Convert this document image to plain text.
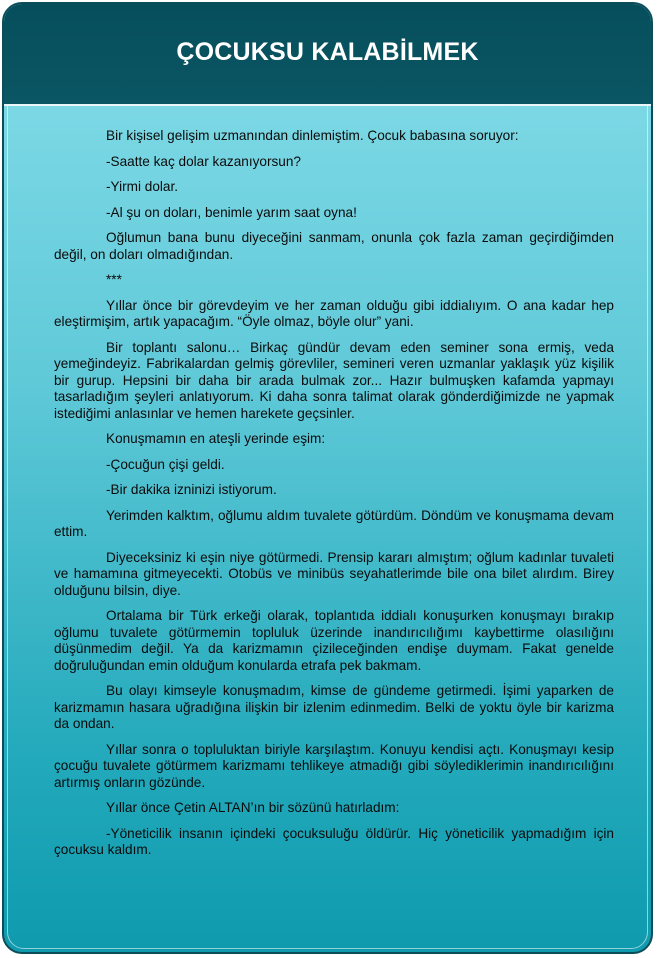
ÇOCUKSU KALABİLMEK

Bir kişisel gelişim uzmanından dinlemiştim. Çocuk babasına soruyor:

-Saatte kaç dolar kazanıyorsun?

-Yirmi dolar.

-Al şu on doları, benimle yarım saat oyna!

Oğlumun bana bunu diyeceğini sanmam, onunla çok fazla zaman geçirdiğimden değil, on doları olmadığından.

***

Yıllar önce bir görevdeyim ve her zaman olduğu gibi iddialıyım. O ana kadar hep eleştirmişim, artık yapacağım. “Öyle olmaz, böyle olur” yani.

Bir toplantı salonu… Birkaç gündür devam eden seminer sona ermiş, veda yemeğindeyiz. Fabrikalardan gelmiş görevliler, semineri veren uzmanlar yaklaşık yüz kişilik bir gurup. Hepsini bir daha bir arada bulmak zor... Hazır bulmuşken kafamda yapmayı tasarladığım şeyleri anlatıyorum. Ki daha sonra talimat olarak gönderdiğimizde ne yapmak istediğimi anlasınlar ve hemen harekete geçsinler.

Konuşmamın en ateşli yerinde eşim:

-Çocuğun çişi geldi.

-Bir dakika izninizi istiyorum.

Yerimden kalktım, oğlumu aldım tuvalete götürdüm. Döndüm ve konuşmama devam ettim.

Diyeceksiniz ki eşin niye götürmedi. Prensip kararı almıştım; oğlum kadınlar tuvaleti ve hamamına gitmeyecekti. Otobüs ve minibüs seyahatlerimde bile ona bilet alırdım. Birey olduğunu bilsin, diye.

Ortalama bir Türk erkeği olarak, toplantıda iddialı konuşurken konuşmayı bırakıp oğlumu tuvalete götürmemin topluluk üzerinde inandırıcılığımı kaybettirme olasılığını düşünmedim değil. Ya da karizmamın çizileceğinden endişe duymam. Fakat genelde doğruluğundan emin olduğum konularda etrafa pek bakmam.

Bu olayı kimseyle konuşmadım, kimse de gündeme getirmedi. İşimi yaparken de karizmamın hasara uğradığına ilişkin bir izlenim edinmedim. Belki de yoktu öyle bir karizma da ondan.

Yıllar sonra o topluluktan biriyle karşılaştım. Konuyu kendisi açtı. Konuşmayı kesip çocuğu tuvalete götürmem karizmamı tehlikeye atmadığı gibi söylediklerimin inandırıcılığını artırmış onların gözünde.

Yıllar önce Çetin ALTAN’ın bir sözünü hatırladım:

-Yöneticilik insanın içindeki çocuksuluğu öldürür. Hiç yöneticilik yapmadığım için çocuksu kaldım.
